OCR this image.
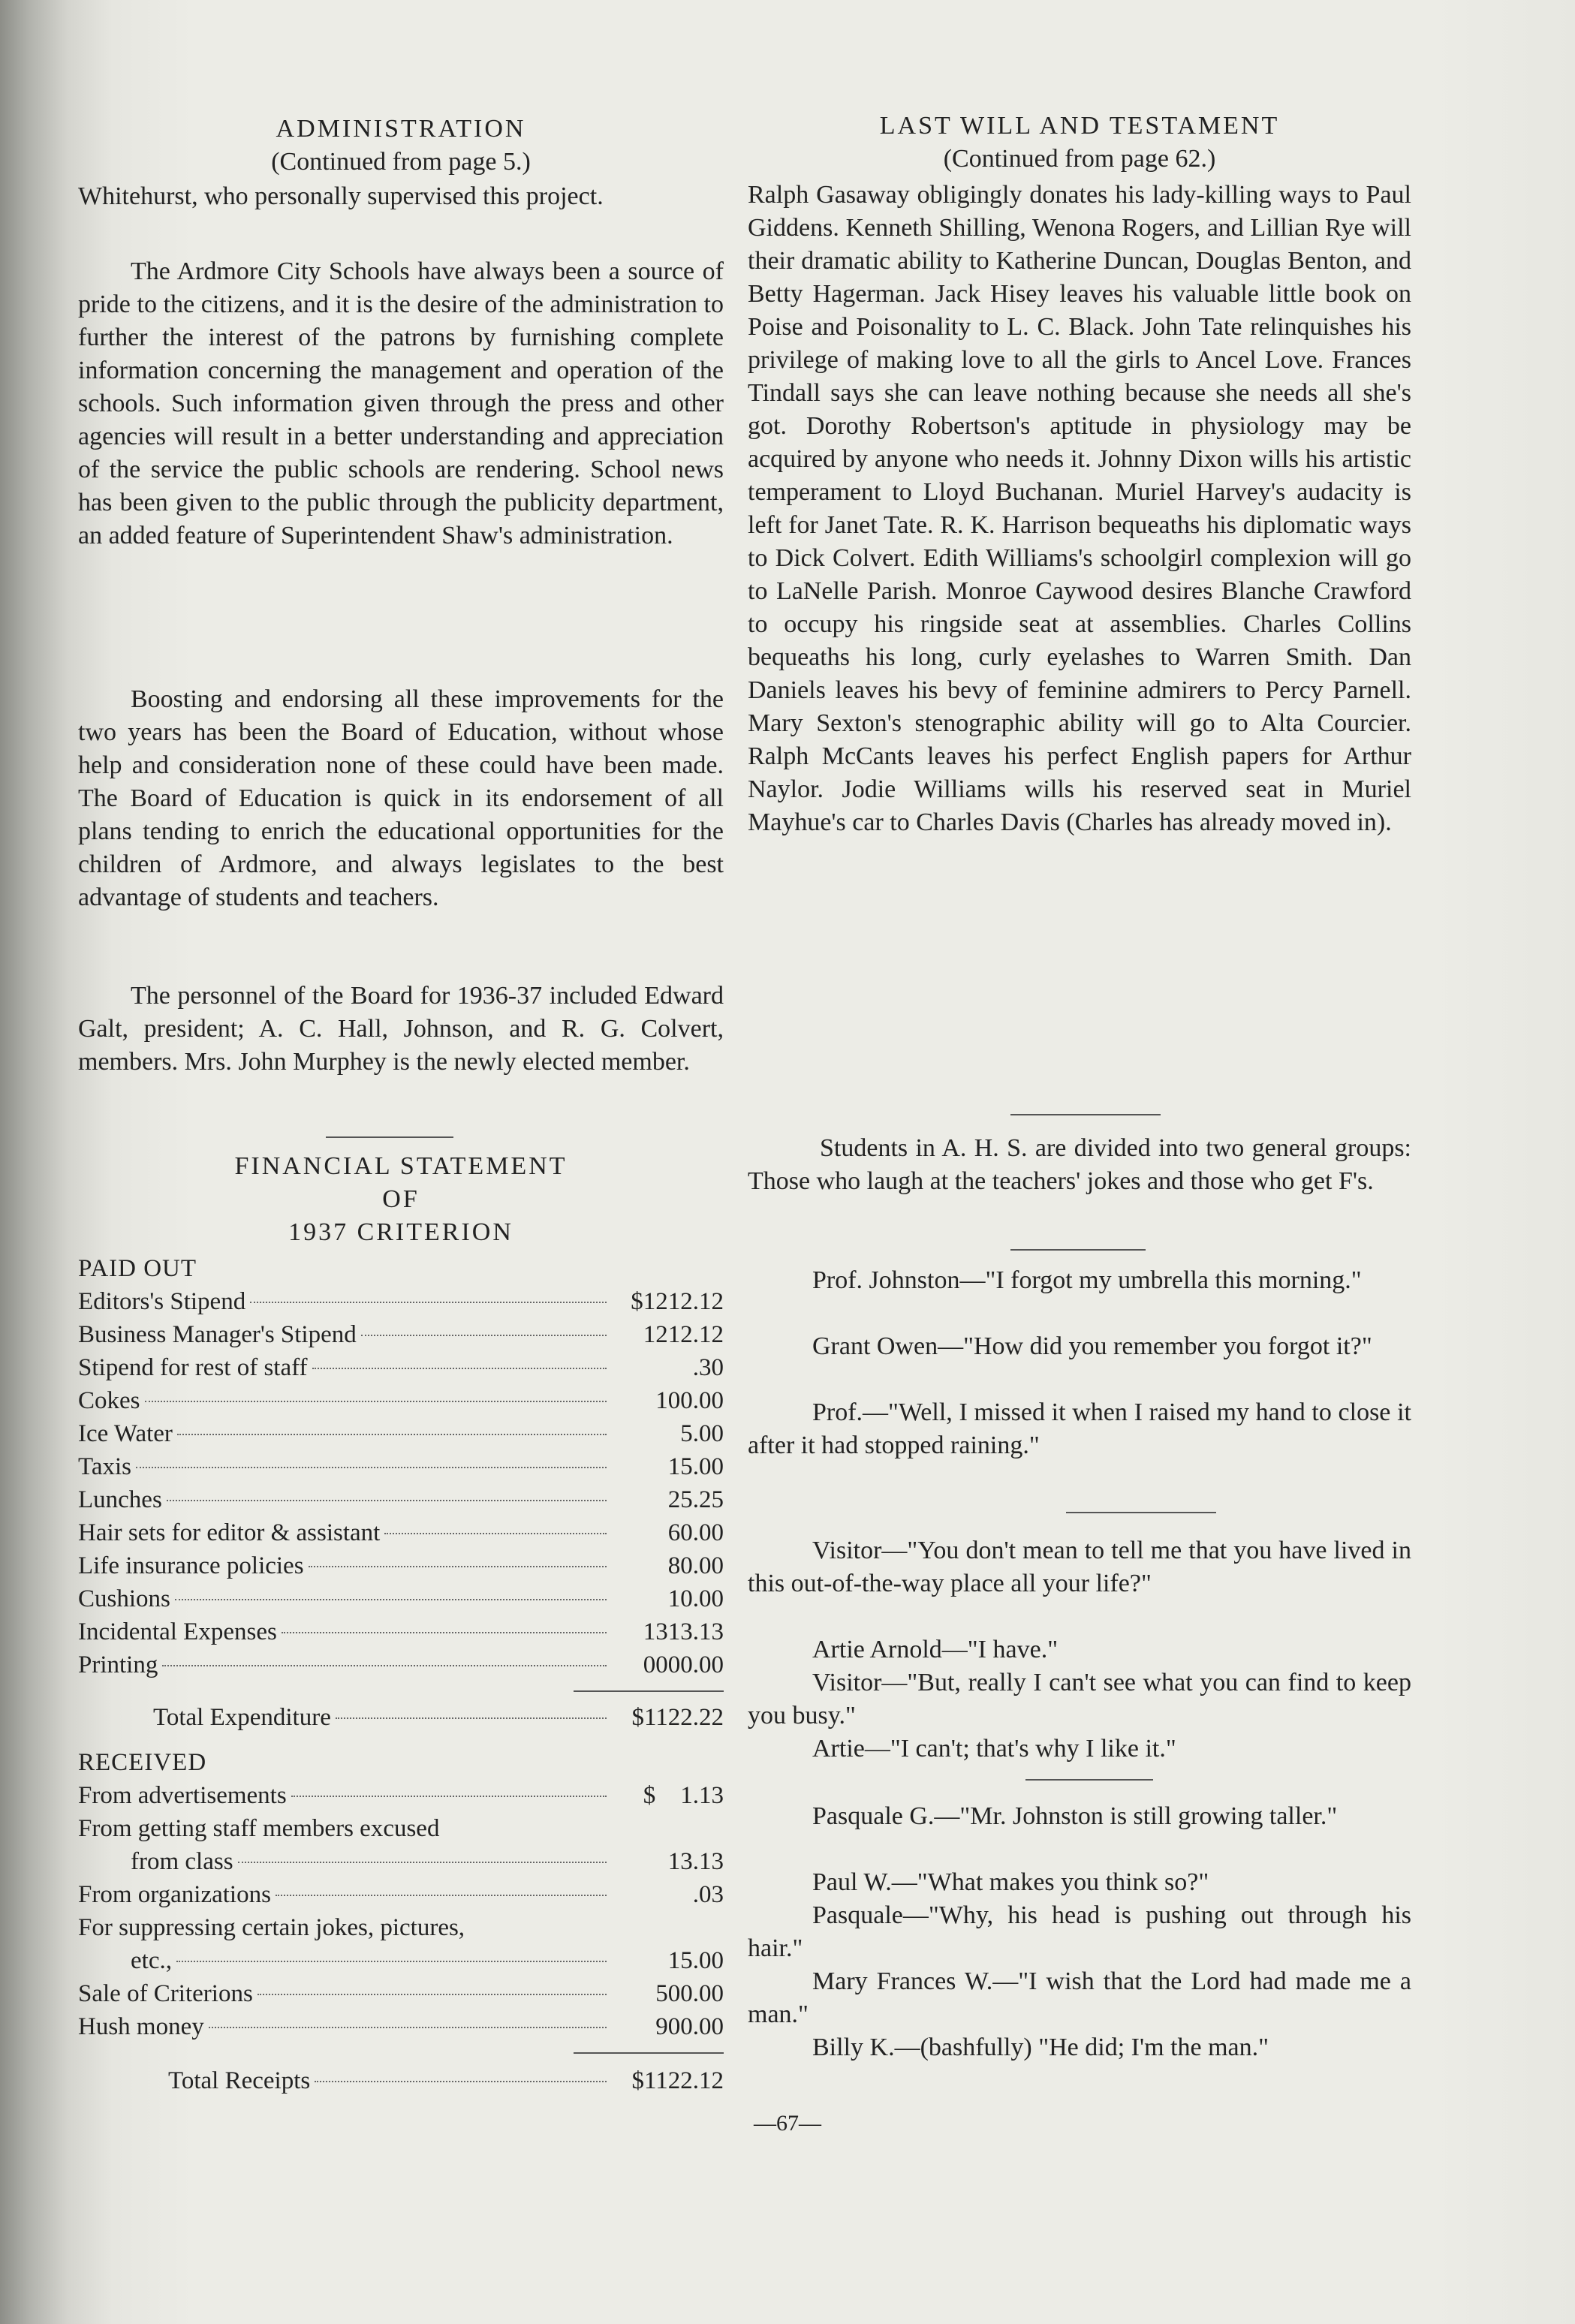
ADMINISTRATION
(Continued from page 5.)

Whitehurst, who personally supervised this project.

The Ardmore City Schools have always been a source of pride to the citizens, and it is the desire of the administration to further the interest of the patrons by furnishing complete information concerning the management and operation of the schools. Such information given through the press and other agencies will result in a better understanding and appreciation of the service the public schools are rendering. School news has been given to the public through the publicity department, an added feature of Superintendent Shaw's administration.

Boosting and endorsing all these improvements for the two years has been the Board of Education, without whose help and consideration none of these could have been made. The Board of Education is quick in its endorsement of all plans tending to enrich the educational opportunities for the children of Ardmore, and always legislates to the best advantage of students and teachers.

The personnel of the Board for 1936-37 included Edward Galt, president; A. C. Hall, Johnson, and R. G. Colvert, members. Mrs. John Murphey is the newly elected member.

FINANCIAL STATEMENT
OF
1937 CRITERION
PAID OUT
Editors's Stipend	$1212.12
Business Manager's Stipend	1212.12
Stipend for rest of staff	.30
Cokes	100.00
Ice Water	5.00
Taxis	15.00
Lunches	25.25
Hair sets for editor & assistant	60.00
Life insurance policies	80.00
Cushions	10.00
Incidental Expenses	1313.13
Printing	0000.00
Total Expenditure	$1122.22
RECEIVED
From advertisements	$    1.13
From getting staff members excused
from class	13.13
From organizations	.03
For suppressing certain jokes, pictures,
etc.,	15.00
Sale of Criterions	500.00
Hush money	900.00
Total Receipts	$1122.12
LAST WILL AND TESTAMENT
(Continued from page 62.)

Ralph Gasaway obligingly donates his lady-killing ways to Paul Giddens. Kenneth Shilling, Wenona Rogers, and Lillian Rye will their dramatic ability to Katherine Duncan, Douglas Benton, and Betty Hagerman. Jack Hisey leaves his valuable little book on Poise and Poisonality to L. C. Black. John Tate relinquishes his privilege of making love to all the girls to Ancel Love. Frances Tindall says she can leave nothing because she needs all she's got. Dorothy Robertson's aptitude in physiology may be acquired by anyone who needs it. Johnny Dixon wills his artistic temperament to Lloyd Buchanan. Muriel Harvey's audacity is left for Janet Tate. R. K. Harrison bequeaths his diplomatic ways to Dick Colvert. Edith Williams's schoolgirl complexion will go to LaNelle Parish. Monroe Caywood desires Blanche Crawford to occupy his ringside seat at assemblies. Charles Collins bequeaths his long, curly eyelashes to Warren Smith. Dan Daniels leaves his bevy of feminine admirers to Percy Parnell. Mary Sexton's stenographic ability will go to Alta Courcier. Ralph McCants leaves his perfect English papers for Arthur Naylor. Jodie Williams wills his reserved seat in Muriel Mayhue's car to Charles Davis (Charles has already moved in).

Students in A. H. S. are divided into two general groups: Those who laugh at the teachers' jokes and those who get F's.

Prof. Johnston—"I forgot my umbrella this morning."

Grant Owen—"How did you remember you forgot it?"

Prof.—"Well, I missed it when I raised my hand to close it after it had stopped raining."

Visitor—"You don't mean to tell me that you have lived in this out-of-the-way place all your life?"

Artie Arnold—"I have."

Visitor—"But, really I can't see what you can find to keep you busy."

Artie—"I can't; that's why I like it."

Pasquale G.—"Mr. Johnston is still growing taller."

Paul W.—"What makes you think so?"

Pasquale—"Why, his head is pushing out through his hair."

Mary Frances W.—"I wish that the Lord had made me a man."

Billy K.—(bashfully) "He did; I'm the man."

—67—
